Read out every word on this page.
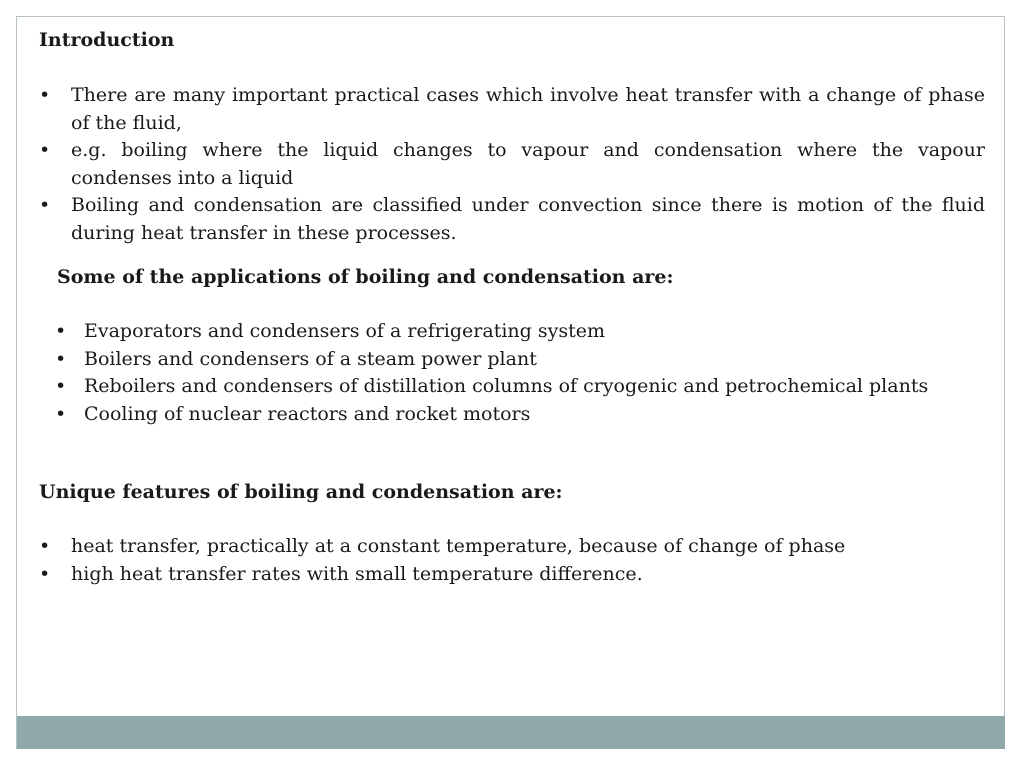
Introduction
• There are many important practical cases which involve heat transfer with a change of phase of the fluid,
• e.g. boiling where the liquid changes to vapour and condensation where the vapour condenses into a liquid
• Boiling and condensation are classified under convection since there is motion of the fluid during heat transfer in these processes.
Some of the applications of boiling and condensation are:
• Evaporators and condensers of a refrigerating system
• Boilers and condensers of a steam power plant
• Reboilers and condensers of distillation columns of cryogenic and petrochemical plants
• Cooling of nuclear reactors and rocket motors
Unique features of boiling and condensation are:
• heat transfer, practically at a constant temperature, because of change of phase
• high heat transfer rates with small temperature difference.
